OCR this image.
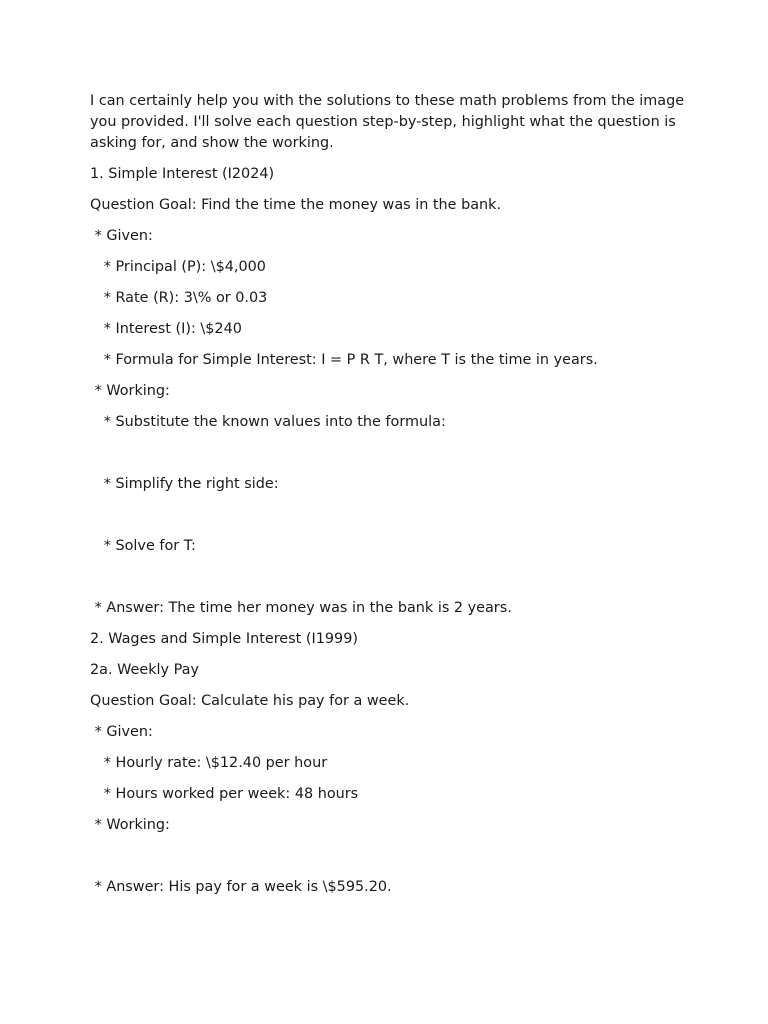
I can certainly help you with the solutions to these math problems from the image you provided. I'll solve each question step-by-step, highlight what the question is asking for, and show the working.

1. Simple Interest (I2024)

Question Goal: Find the time the money was in the bank.

* Given:

* Principal (P): \$4,000

* Rate (R): 3\% or 0.03

* Interest (I): \$240

* Formula for Simple Interest: I = P R T, where T is the time in years.

* Working:

* Substitute the known values into the formula:

* Simplify the right side:

* Solve for T:

* Answer: The time her money was in the bank is 2 years.

2. Wages and Simple Interest (I1999)

2a. Weekly Pay

Question Goal: Calculate his pay for a week.

* Given:

* Hourly rate: \$12.40 per hour

* Hours worked per week: 48 hours

* Working:

* Answer: His pay for a week is \$595.20.
